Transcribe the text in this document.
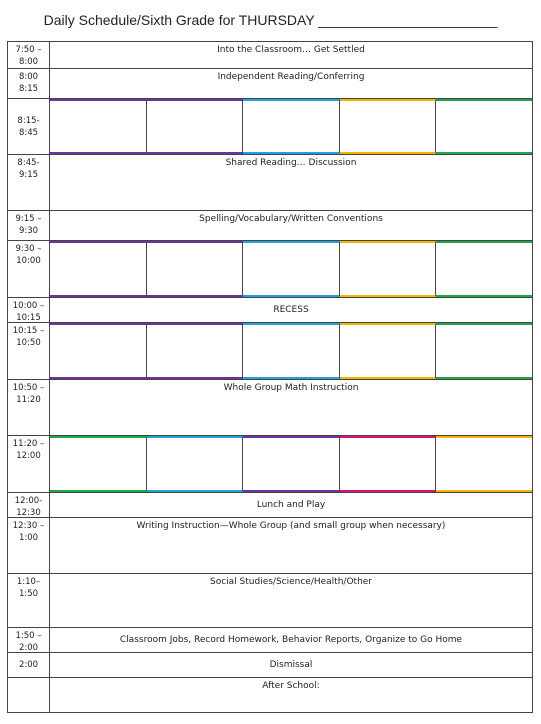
Daily Schedule/Sixth Grade for THURSDAY _______________________
7:50 –
8:00
Into the Classroom… Get Settled
8:00
8:15
Independent Reading/Conferring
8:15-
8:45
8:45-
9:15
Shared Reading… Discussion
9:15 –
9:30
Spelling/Vocabulary/Written Conventions
9:30 –
10:00
10:00 –
10:15
RECESS
10:15 –
10:50
10:50 –
11:20
Whole Group Math Instruction
11:20 –
12:00
12:00-
12:30
Lunch and Play
12:30 –
1:00
Writing Instruction—Whole Group (and small group when necessary)
1:10–
1:50
Social Studies/Science/Health/Other
1:50 –
2:00
Classroom Jobs, Record Homework, Behavior Reports, Organize to Go Home
2:00	Dismissal
After School:
